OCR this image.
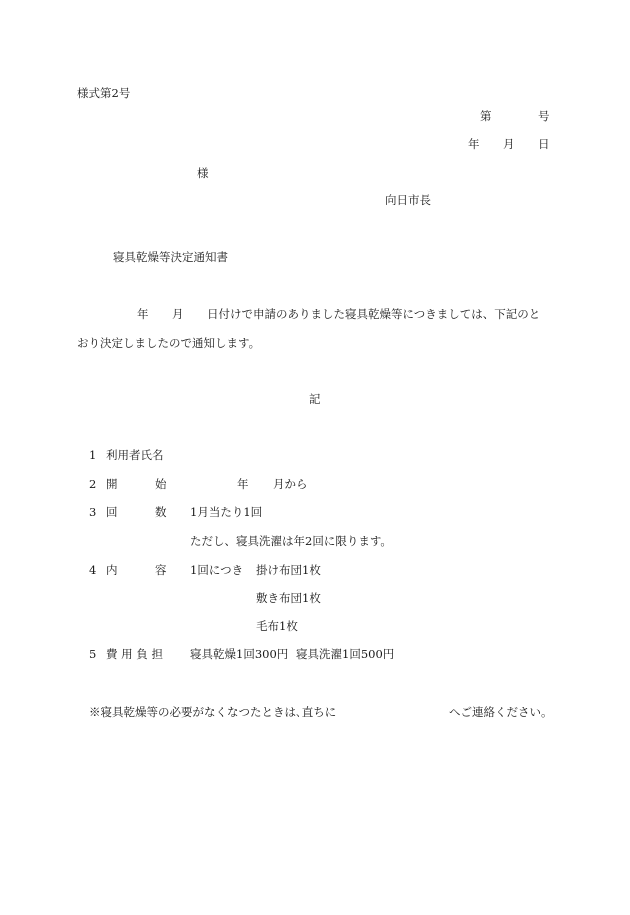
様式第2号
第	号
年 月 日
様
向日市長
寝具乾燥等決定通知書
年 月 日付けで申請のありました寝具乾燥等につきましては、下記のと
おり決定しましたので通知します。
記
1 利用者氏名
2 開	始	年 月から
3 回	数 1月当たり1回
ただし、寝具洗濯は年2回に限ります。
4 内	容 1回につき 掛け布団1枚
敷き布団1枚
毛布1枚
5 費 用 負 担 寝具乾燥1回300円 寝具洗濯1回500円
※寝具乾燥等の必要がなくなつたときは､直ちに	へご連絡ください。
